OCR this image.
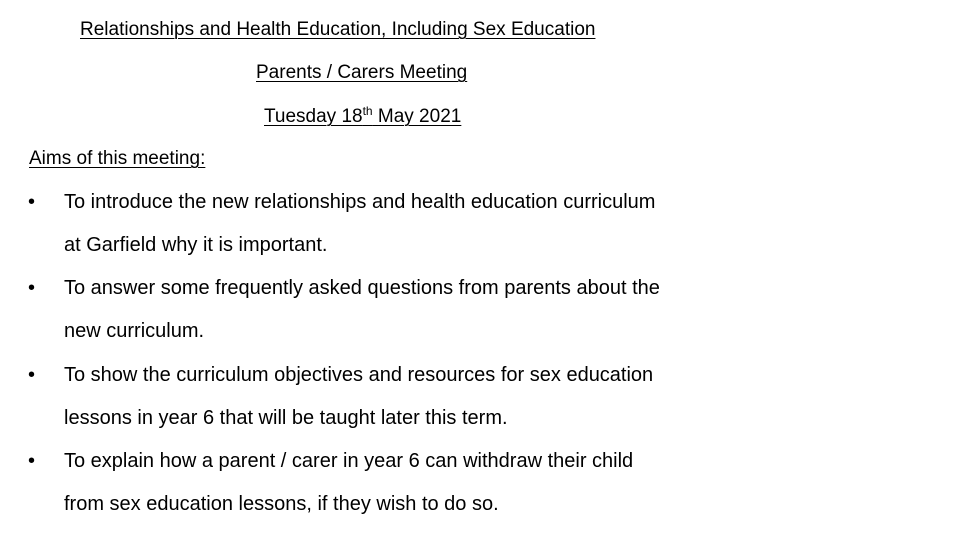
Relationships and Health Education, Including Sex Education
Parents / Carers Meeting
Tuesday 18th May 2021
Aims of this meeting:
• To introduce the new relationships and health education curriculum
at Garfield why it is important.
• To answer some frequently asked questions from parents about the
new curriculum.
• To show the curriculum objectives and resources for sex education
lessons in year 6 that will be taught later this term.
• To explain how a parent / carer in year 6 can withdraw their child
from sex education lessons, if they wish to do so.
